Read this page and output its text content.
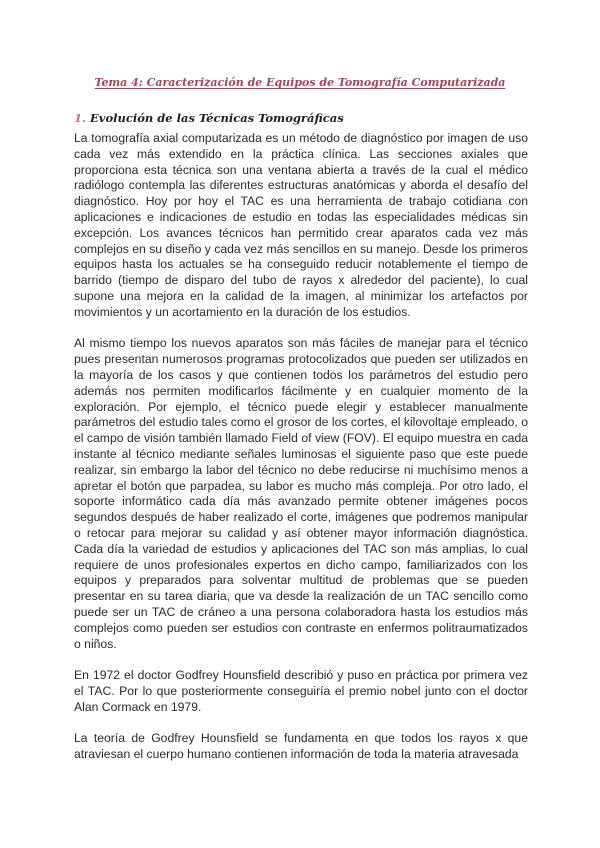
Tema 4: Caracterización de Equipos de Tomografía Computarizada
1. Evolución de las Técnicas Tomográficas

La tomografía axial computarizada es un método de diagnóstico por imagen de uso cada vez más extendido en la práctica clínica. Las secciones axiales que proporciona esta técnica son una ventana abierta a través de la cual el médico radiólogo contempla las diferentes estructuras anatómicas y aborda el desafío del diagnóstico. Hoy por hoy el TAC es una herramienta de trabajo cotidiana con aplicaciones e indicaciones de estudio en todas las especialidades médicas sin excepción. Los avances técnicos han permitido crear aparatos cada vez más complejos en su diseño y cada vez más sencillos en su manejo. Desde los primeros equipos hasta los actuales se ha conseguido reducir notablemente el tiempo de barrido (tiempo de disparo del tubo de rayos x alrededor del paciente), lo cual supone una mejora en la calidad de la imagen, al minimizar los artefactos por movimientos y un acortamiento en la duración de los estudios.

Al mismo tiempo los nuevos aparatos son más fáciles de manejar para el técnico pues presentan numerosos programas protocolizados que pueden ser utilizados en la mayoría de los casos y que contienen todos los parámetros del estudio pero además nos permiten modificarlos fácilmente y en cualquier momento de la exploración. Por ejemplo, el técnico puede elegir y establecer manualmente parámetros del estudio tales como el grosor de los cortes, el kilovoltaje empleado, o el campo de visión también llamado Field of view (FOV). El equipo muestra en cada instante al técnico mediante señales luminosas el siguiente paso que este puede realizar, sin embargo la labor del técnico no debe reducirse ni muchísimo menos a apretar el botón que parpadea, su labor es mucho más compleja. Por otro lado, el soporte informático cada día más avanzado permite obtener imágenes pocos segundos después de haber realizado el corte, imágenes que podremos manipular o retocar para mejorar su calidad y así obtener mayor información diagnóstica. Cada día la variedad de estudios y aplicaciones del TAC son más amplias, lo cual requiere de unos profesionales expertos en dicho campo, familiarizados con los equipos y preparados para solventar multitud de problemas que se pueden presentar en su tarea diaria, que va desde la realización de un TAC sencillo como puede ser un TAC de cráneo a una persona colaboradora hasta los estudios más complejos como pueden ser estudios con contraste en enfermos politraumatizados o niños.

En 1972 el doctor Godfrey Hounsfield describió y puso en práctica por primera vez el TAC. Por lo que posteriormente conseguiría el premio nobel junto con el doctor Alan Cormack en 1979.

La teoría de Godfrey Hounsfield se fundamenta en que todos los rayos x que atraviesan el cuerpo humano contienen información de toda la materia atravesada
